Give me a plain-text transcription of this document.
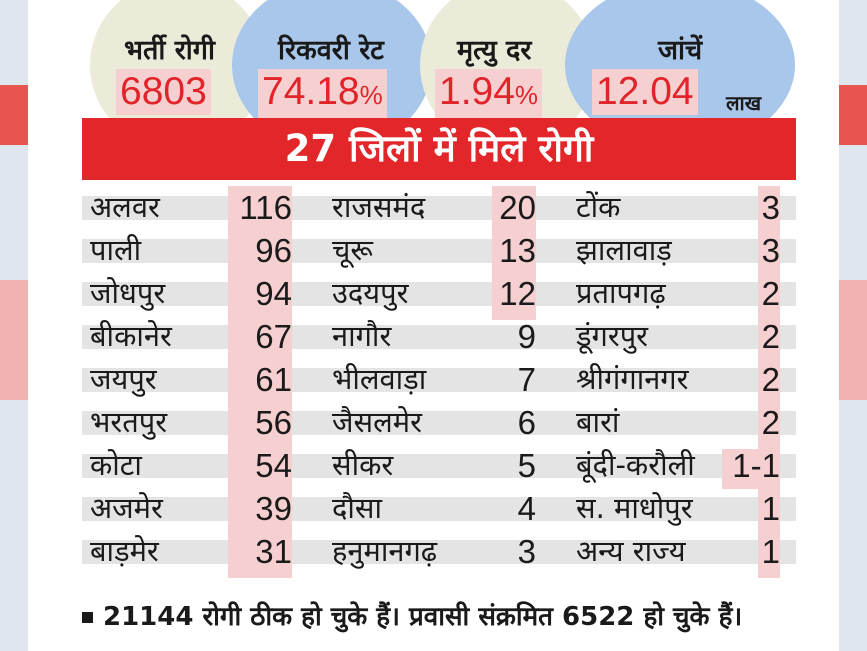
भर्ती रोगी
6803
रिकवरी रेट
74.18%
मृत्यु दर
1.94%
जांचें
12.04 लाख
27 जिलों में मिले रोगी
अलवर	116
पाली	96
जोधपुर	94
बीकानेर	67
जयपुर	61
भरतपुर	56
कोटा	54
अजमेर	39
बाड़मेर	31
राजसमंद	20
चूरू	13
उदयपुर	12
नागौर	9
भीलवाड़ा	7
जैसलमेर	6
सीकर	5
दौसा	4
हनुमानगढ़	3
टोंक	3
झालावाड़	3
प्रतापगढ़	2
डूंगरपुर	2
श्रीगंगानगर	2
बारां	2
बूंदी-करौली	1-1
स. माधोपुर	1
अन्य राज्य	1
21144 रोगी ठीक हो चुके हैं। प्रवासी संक्रमित 6522 हो चुके हैं।
